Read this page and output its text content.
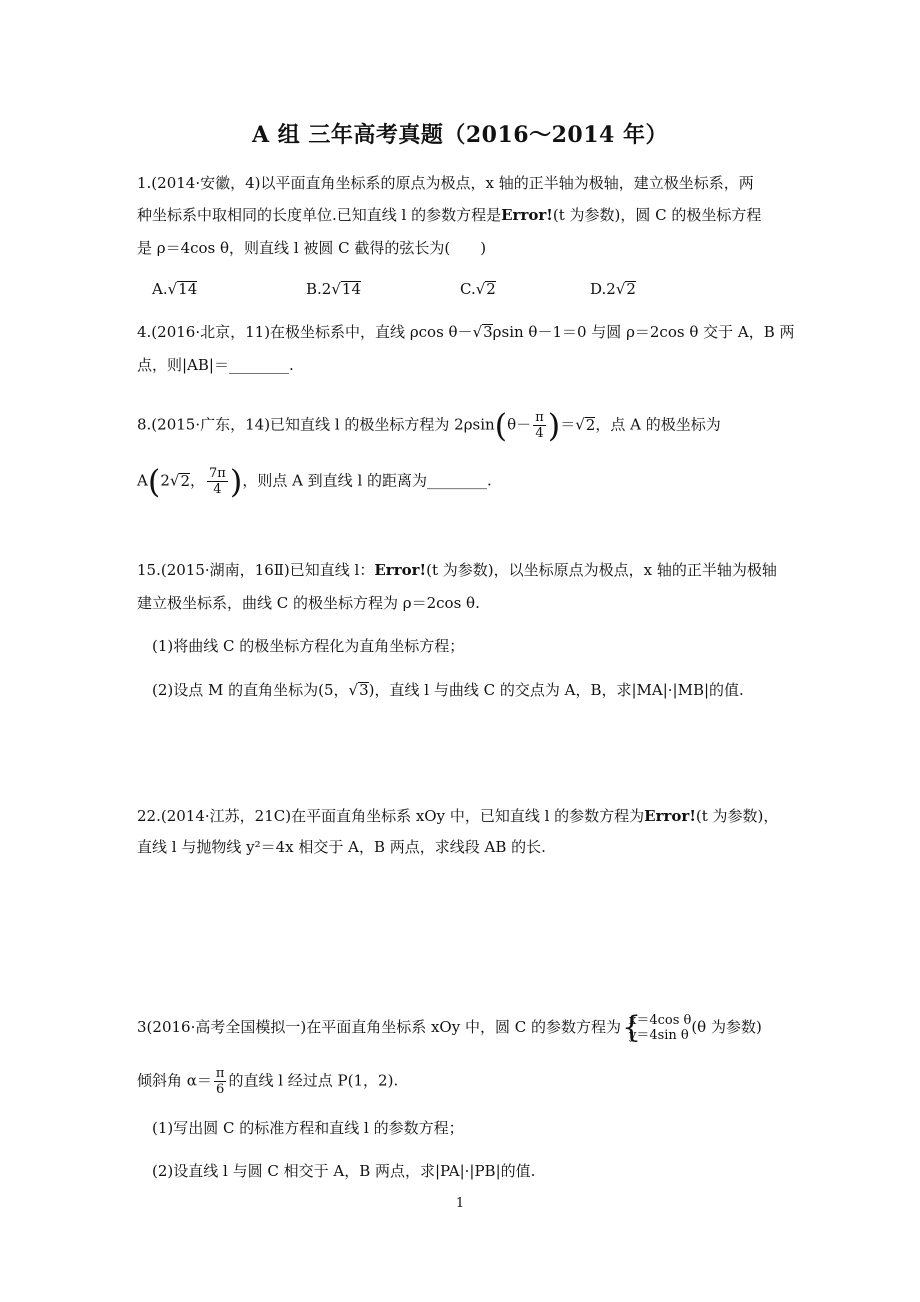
A 组 三年高考真题（2016～2014 年）
1.(2014·安徽，4)以平面直角坐标系的原点为极点，x 轴的正半轴为极轴，建立极坐标系，两
种坐标系中取相同的长度单位.已知直线 l 的参数方程是Error!(t 为参数)，圆 C 的极坐标方程
是 ρ＝4cos θ，则直线 l 被圆 C 截得的弦长为(　　)
A.√14	B.2√14	C.√2	D.2√2
4.(2016·北京，11)在极坐标系中，直线 ρcos θ－√3ρsin θ－1＝0 与圆 ρ＝2cos θ 交于 A，B 两
点，则|AB|＝________.
8.(2015·广东，14)已知直线 l 的极坐标方程为 $2\rho\sin(\theta- \frac{\pi}{4} )=√2$，点 A 的极坐标为
A(2√2， $\frac{7\pi}{4}$ )，则点 A 到直线 l 的距离为________.
15.(2015·湖南，16Ⅱ)已知直线 l：Error!(t 为参数)，以坐标原点为极点，x 轴的正半轴为极轴
建立极坐标系，曲线 C 的极坐标方程为 ρ＝2cos θ.
(1)将曲线 C 的极坐标方程化为直角坐标方程；
(2)设点 M 的直角坐标为(5，√3)，直线 l 与曲线 C 的交点为 A，B，求|MA|·|MB|的值.
22.(2014·江苏，21C)在平面直角坐标系 xOy 中，已知直线 l 的参数方程为Error!(t 为参数)，
直线 l 与抛物线 y²＝4x 相交于 A，B 两点，求线段 AB 的长.
3(2016·高考全国模拟一)在平面直角坐标系 xOy 中，圆 C 的参数方程为 {
x＝4cos θ
y＝4sin θ (θ 为参数)
倾斜角 $\alpha= \frac{\pi}{6}$ 的直线 l 经过点 P(1，2).
(1)写出圆 C 的标准方程和直线 l 的参数方程；
(2)设直线 l 与圆 C 相交于 A，B 两点，求|PA|·|PB|的值.
1
